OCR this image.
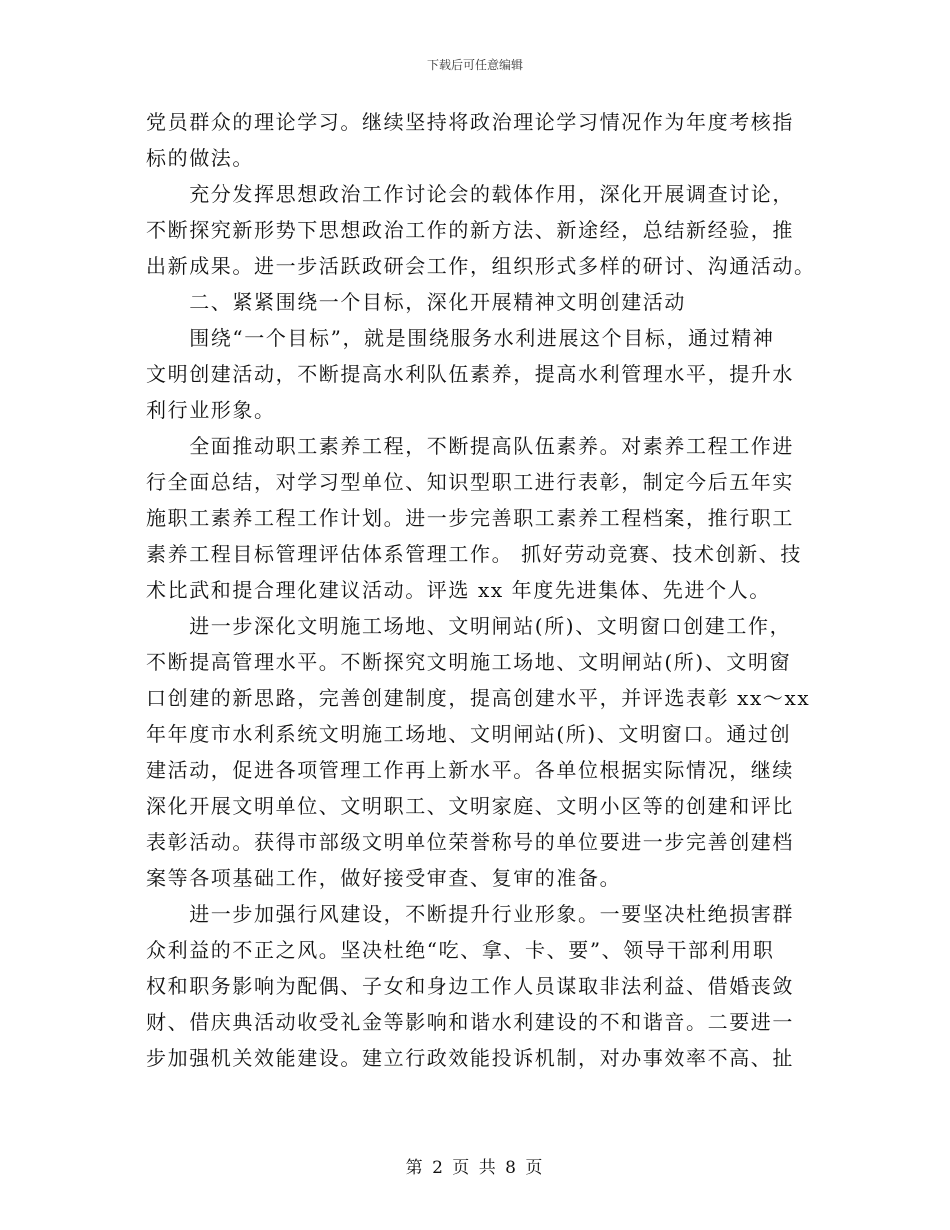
下载后可任意编辑
党员群众的理论学习。继续坚持将政治理论学习情况作为年度考核指
标的做法。
　　充分发挥思想政治工作讨论会的载体作用，深化开展调查讨论，
不断探究新形势下思想政治工作的新方法、新途经，总结新经验，推
出新成果。进一步活跃政研会工作，组织形式多样的研讨、沟通活动。
　　二、紧紧围绕一个目标，深化开展精神文明创建活动
　　围绕“一个目标”，就是围绕服务水利进展这个目标，通过精神
文明创建活动，不断提高水利队伍素养，提高水利管理水平，提升水
利行业形象。
　　全面推动职工素养工程，不断提高队伍素养。对素养工程工作进
行全面总结，对学习型单位、知识型职工进行表彰，制定今后五年实
施职工素养工程工作计划。进一步完善职工素养工程档案，推行职工
素养工程目标管理评估体系管理工作。 抓好劳动竞赛、技术创新、技
术比武和提合理化建议活动。评选 xx 年度先进集体、先进个人。
　　进一步深化文明施工场地、文明闸站(所)、文明窗口创建工作，
不断提高管理水平。不断探究文明施工场地、文明闸站(所)、文明窗
口创建的新思路，完善创建制度，提高创建水平，并评选表彰 xx～xx
年年度市水利系统文明施工场地、文明闸站(所)、文明窗口。通过创
建活动，促进各项管理工作再上新水平。各单位根据实际情况，继续
深化开展文明单位、文明职工、文明家庭、文明小区等的创建和评比
表彰活动。获得市部级文明单位荣誉称号的单位要进一步完善创建档
案等各项基础工作，做好接受审查、复审的准备。
　　进一步加强行风建设，不断提升行业形象。一要坚决杜绝损害群
众利益的不正之风。坚决杜绝“吃、拿、卡、要”、领导干部利用职
权和职务影响为配偶、子女和身边工作人员谋取非法利益、借婚丧敛
财、借庆典活动收受礼金等影响和谐水利建设的不和谐音。二要进一
步加强机关效能建设。建立行政效能投诉机制，对办事效率不高、扯
第 2 页 共 8 页
